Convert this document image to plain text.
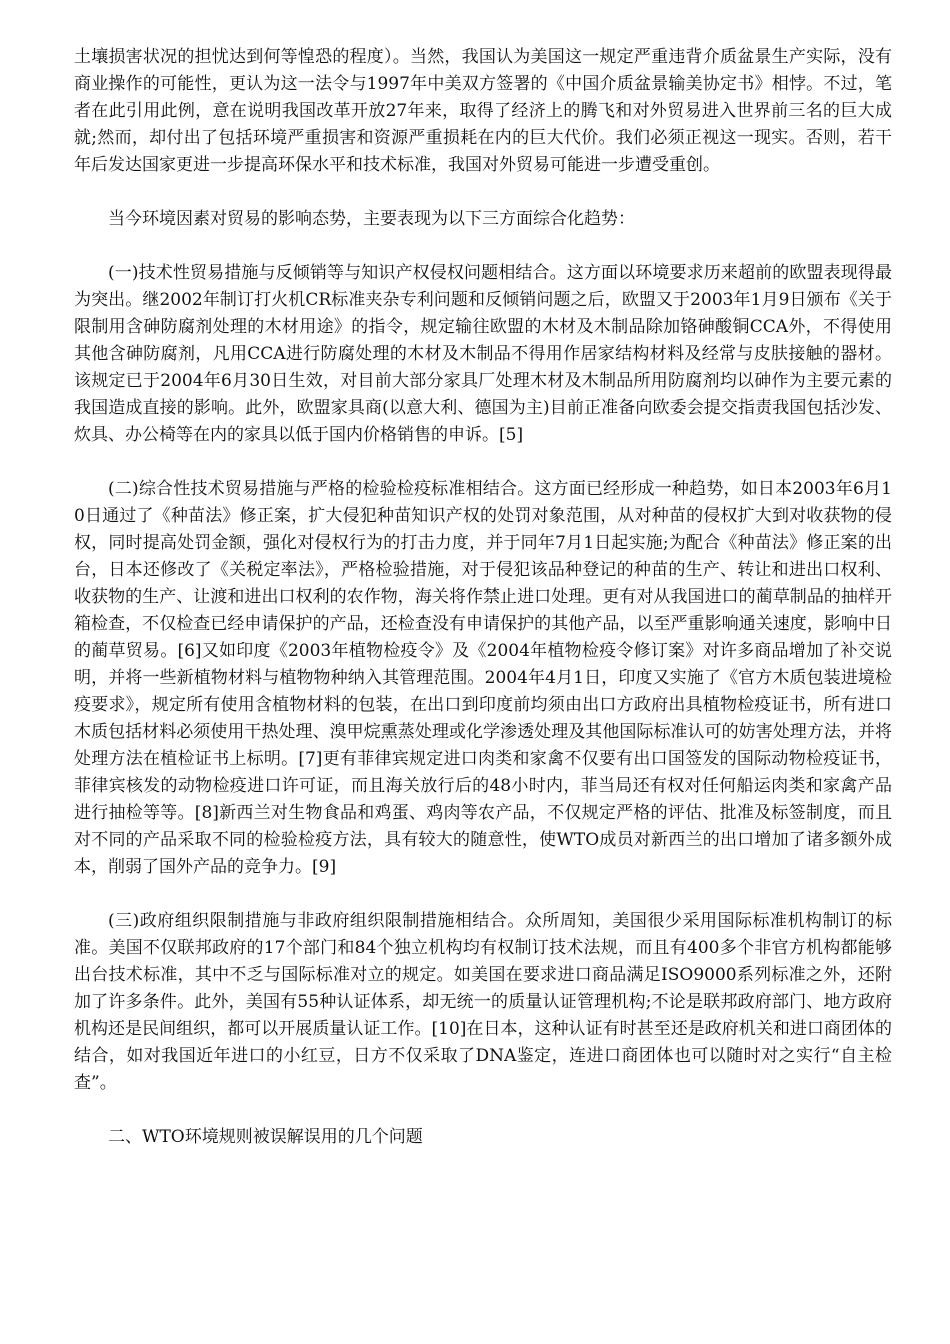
土壤损害状况的担忧达到何等惶恐的程度）。当然，我国认为美国这一规定严重违背介质盆景生产实际，没有商业操作的可能性，更认为这一法令与1997年中美双方签署的《中国介质盆景输美协定书》相悖。不过，笔者在此引用此例，意在说明我国改革开放27年来，取得了经济上的腾飞和对外贸易进入世界前三名的巨大成就;然而，却付出了包括环境严重损害和资源严重损耗在内的巨大代价。我们必须正视这一现实。否则，若干年后发达国家更进一步提高环保水平和技术标准，我国对外贸易可能进一步遭受重创。

当今环境因素对贸易的影响态势，主要表现为以下三方面综合化趋势：

(一)技术性贸易措施与反倾销等与知识产权侵权问题相结合。这方面以环境要求历来超前的欧盟表现得最为突出。继2002年制订打火机CR标准夹杂专利问题和反倾销问题之后，欧盟又于2003年1月9日颁布《关于限制用含砷防腐剂处理的木材用途》的指令，规定输往欧盟的木材及木制品除加铬砷酸铜CCA外，不得使用其他含砷防腐剂，凡用CCA进行防腐处理的木材及木制品不得用作居家结构材料及经常与皮肤接触的器材。该规定已于2004年6月30日生效，对目前大部分家具厂处理木材及木制品所用防腐剂均以砷作为主要元素的我国造成直接的影响。此外，欧盟家具商(以意大利、德国为主)目前正准备向欧委会提交指责我国包括沙发、炊具、办公椅等在内的家具以低于国内价格销售的申诉。[5]

(二)综合性技术贸易措施与严格的检验检疫标准相结合。这方面已经形成一种趋势，如日本2003年6月10日通过了《种苗法》修正案，扩大侵犯种苗知识产权的处罚对象范围，从对种苗的侵权扩大到对收获物的侵权，同时提高处罚金额，强化对侵权行为的打击力度，并于同年7月1日起实施;为配合《种苗法》修正案的出台，日本还修改了《关税定率法》，严格检验措施，对于侵犯该品种登记的种苗的生产、转让和进出口权利、收获物的生产、让渡和进出口权利的农作物，海关将作禁止进口处理。更有对从我国进口的蔺草制品的抽样开箱检查，不仅检查已经申请保护的产品，还检查没有申请保护的其他产品，以至严重影响通关速度，影响中日的蔺草贸易。[6]又如印度《2003年植物检疫令》及《2004年植物检疫令修订案》对许多商品增加了补交说明，并将一些新植物材料与植物物种纳入其管理范围。2004年4月1日，印度又实施了《官方木质包装进境检疫要求》，规定所有使用含植物材料的包装，在出口到印度前均须由出口方政府出具植物检疫证书，所有进口木质包括材料必须使用干热处理、溴甲烷熏蒸处理或化学渗透处理及其他国际标准认可的妨害处理方法，并将处理方法在植检证书上标明。[7]更有菲律宾规定进口肉类和家禽不仅要有出口国签发的国际动物检疫证书，菲律宾核发的动物检疫进口许可证，而且海关放行后的48小时内，菲当局还有权对任何船运肉类和家禽产品进行抽检等等。[8]新西兰对生物食品和鸡蛋、鸡肉等农产品，不仅规定严格的评估、批准及标签制度，而且对不同的产品采取不同的检验检疫方法，具有较大的随意性，使WTO成员对新西兰的出口增加了诸多额外成本，削弱了国外产品的竞争力。[9]

(三)政府组织限制措施与非政府组织限制措施相结合。众所周知，美国很少采用国际标准机构制订的标准。美国不仅联邦政府的17个部门和84个独立机构均有权制订技术法规，而且有400多个非官方机构都能够出台技术标准，其中不乏与国际标准对立的规定。如美国在要求进口商品满足ISO9000系列标准之外，还附加了许多条件。此外，美国有55种认证体系，却无统一的质量认证管理机构;不论是联邦政府部门、地方政府机构还是民间组织，都可以开展质量认证工作。[10]在日本，这种认证有时甚至还是政府机关和进口商团体的结合，如对我国近年进口的小红豆，日方不仅采取了DNA鉴定，连进口商团体也可以随时对之实行“自主检查”。

二、WTO环境规则被误解误用的几个问题
